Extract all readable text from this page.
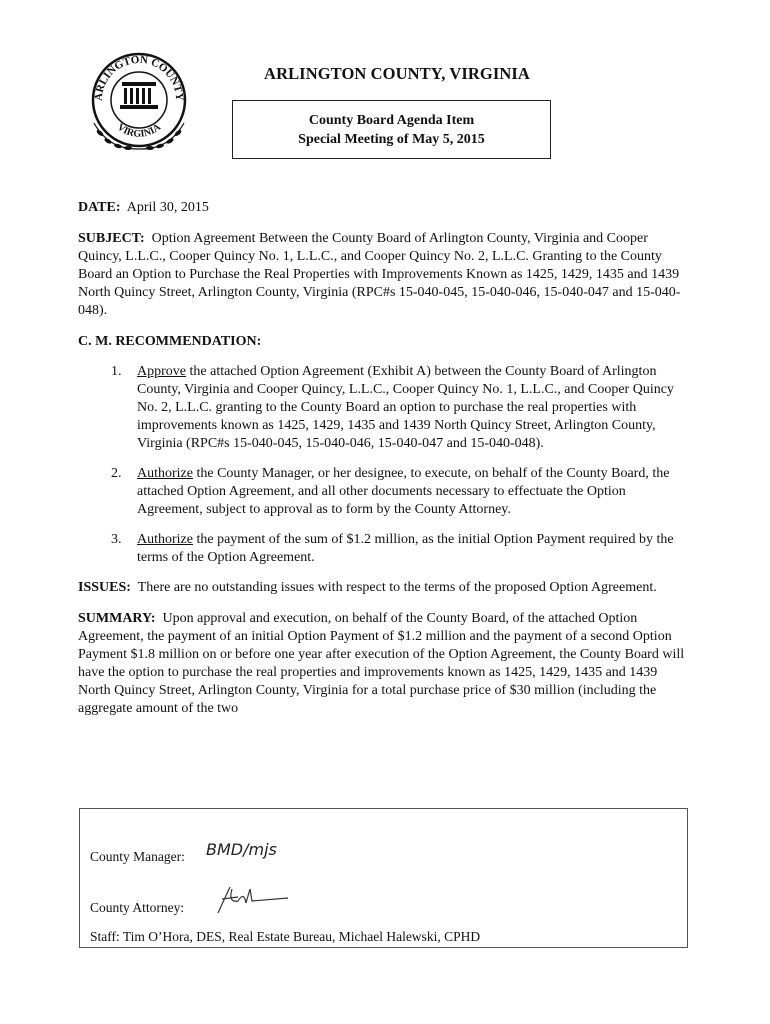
ARLINGTON COUNTY
VIRGINIA
ARLINGTON COUNTY, VIRGINIA
County Board Agenda Item
Special Meeting of May 5, 2015

DATE: April 30, 2015

SUBJECT: Option Agreement Between the County Board of Arlington County, Virginia and Cooper Quincy, L.L.C., Cooper Quincy No. 1, L.L.C., and Cooper Quincy No. 2, L.L.C. Granting to the County Board an Option to Purchase the Real Properties with Improvements Known as 1425, 1429, 1435 and 1439 North Quincy Street, Arlington County, Virginia (RPC#s 15-040-045, 15-040-046, 15-040-047 and 15-040-048).

C. M. RECOMMENDATION:

1. Approve the attached Option Agreement (Exhibit A) between the County Board of Arlington County, Virginia and Cooper Quincy, L.L.C., Cooper Quincy No. 1, L.L.C., and Cooper Quincy No. 2, L.L.C. granting to the County Board an option to purchase the real properties with improvements known as 1425, 1429, 1435 and 1439 North Quincy Street, Arlington County, Virginia (RPC#s 15-040-045, 15-040-046, 15-040-047 and 15-040-048).
2. Authorize the County Manager, or her designee, to execute, on behalf of the County Board, the attached Option Agreement, and all other documents necessary to effectuate the Option Agreement, subject to approval as to form by the County Attorney.
3. Authorize the payment of the sum of $1.2 million, as the initial Option Payment required by the terms of the Option Agreement.

ISSUES: There are no outstanding issues with respect to the terms of the proposed Option Agreement.

SUMMARY: Upon approval and execution, on behalf of the County Board, of the attached Option Agreement, the payment of an initial Option Payment of $1.2 million and the payment of a second Option Payment $1.8 million on or before one year after execution of the Option Agreement, the County Board will have the option to purchase the real properties and improvements known as 1425, 1429, 1435 and 1439 North Quincy Street, Arlington County, Virginia for a total purchase price of $30 million (including the aggregate amount of the two

County Manager: BMD/mjs
County Attorney:
Staff: Tim O’Hora, DES, Real Estate Bureau, Michael Halewski, CPHD
